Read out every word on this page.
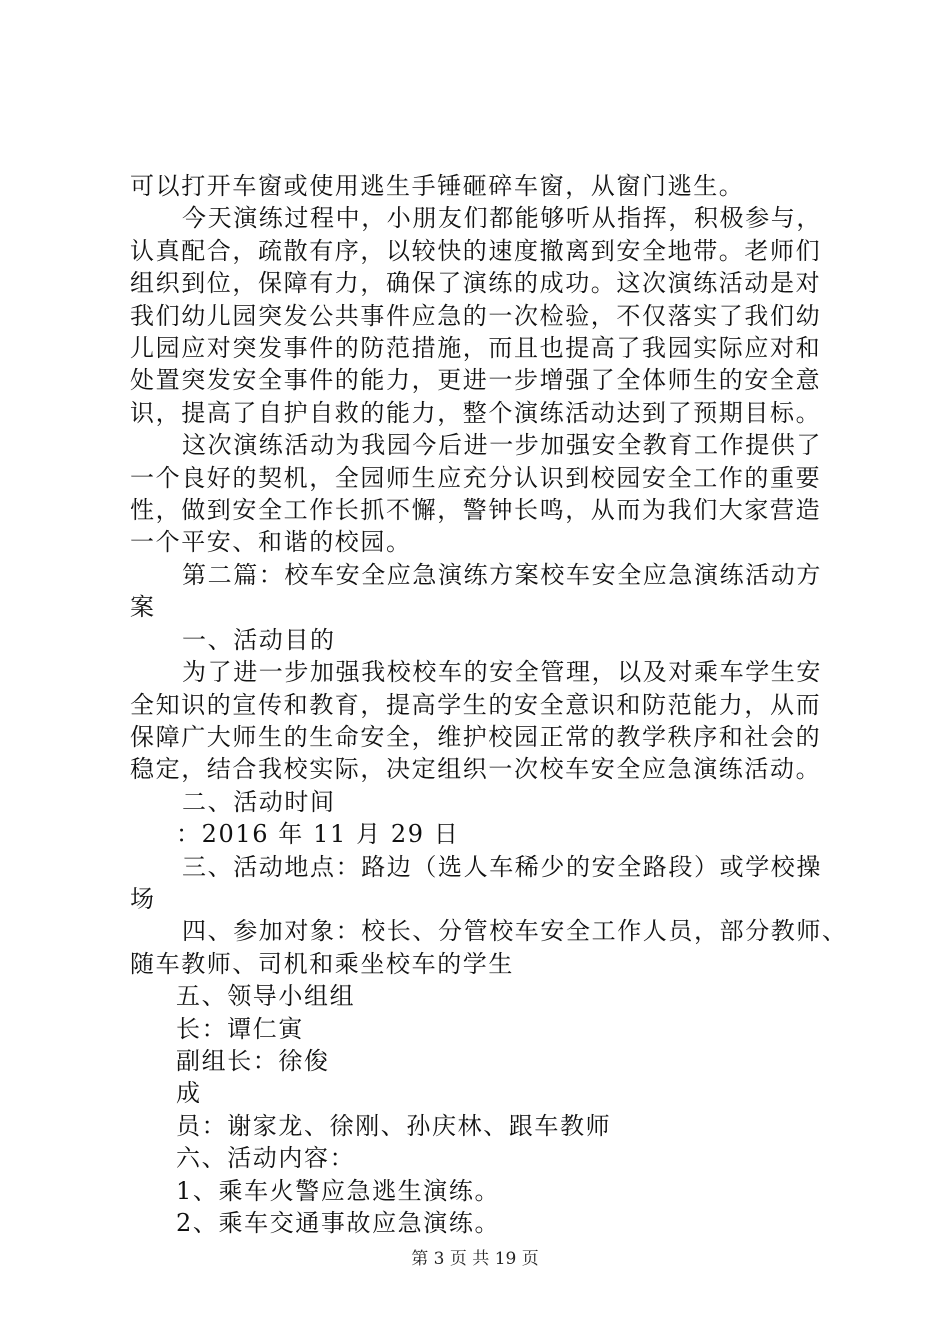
可以打开车窗或使用逃生手锤砸碎车窗，从窗门逃生。

今天演练过程中，小朋友们都能够听从指挥，积极参与，

认真配合，疏散有序，以较快的速度撤离到安全地带。老师们

组织到位，保障有力，确保了演练的成功。这次演练活动是对

我们幼儿园突发公共事件应急的一次检验，不仅落实了我们幼

儿园应对突发事件的防范措施，而且也提高了我园实际应对和

处置突发安全事件的能力，更进一步增强了全体师生的安全意

识，提高了自护自救的能力，整个演练活动达到了预期目标。

这次演练活动为我园今后进一步加强安全教育工作提供了

一个良好的契机，全园师生应充分认识到校园安全工作的重要

性，做到安全工作长抓不懈，警钟长鸣，从而为我们大家营造

一个平安、和谐的校园。

第二篇：校车安全应急演练方案校车安全应急演练活动方

案

一、活动目的

为了进一步加强我校校车的安全管理，以及对乘车学生安

全知识的宣传和教育，提高学生的安全意识和防范能力，从而

保障广大师生的生命安全，维护校园正常的教学秩序和社会的

稳定，结合我校实际，决定组织一次校车安全应急演练活动。

二、活动时间

：2016 年 11 月 29 日

三、活动地点：路边（选人车稀少的安全路段）或学校操

场

四、参加对象：校长、分管校车安全工作人员，部分教师、

随车教师、司机和乘坐校车的学生

五、领导小组组

长：谭仁寅

副组长：徐俊

成

员：谢家龙、徐刚、孙庆林、跟车教师

六、活动内容：

1、乘车火警应急逃生演练。

2、乘车交通事故应急演练。

第 3 页 共 19 页
